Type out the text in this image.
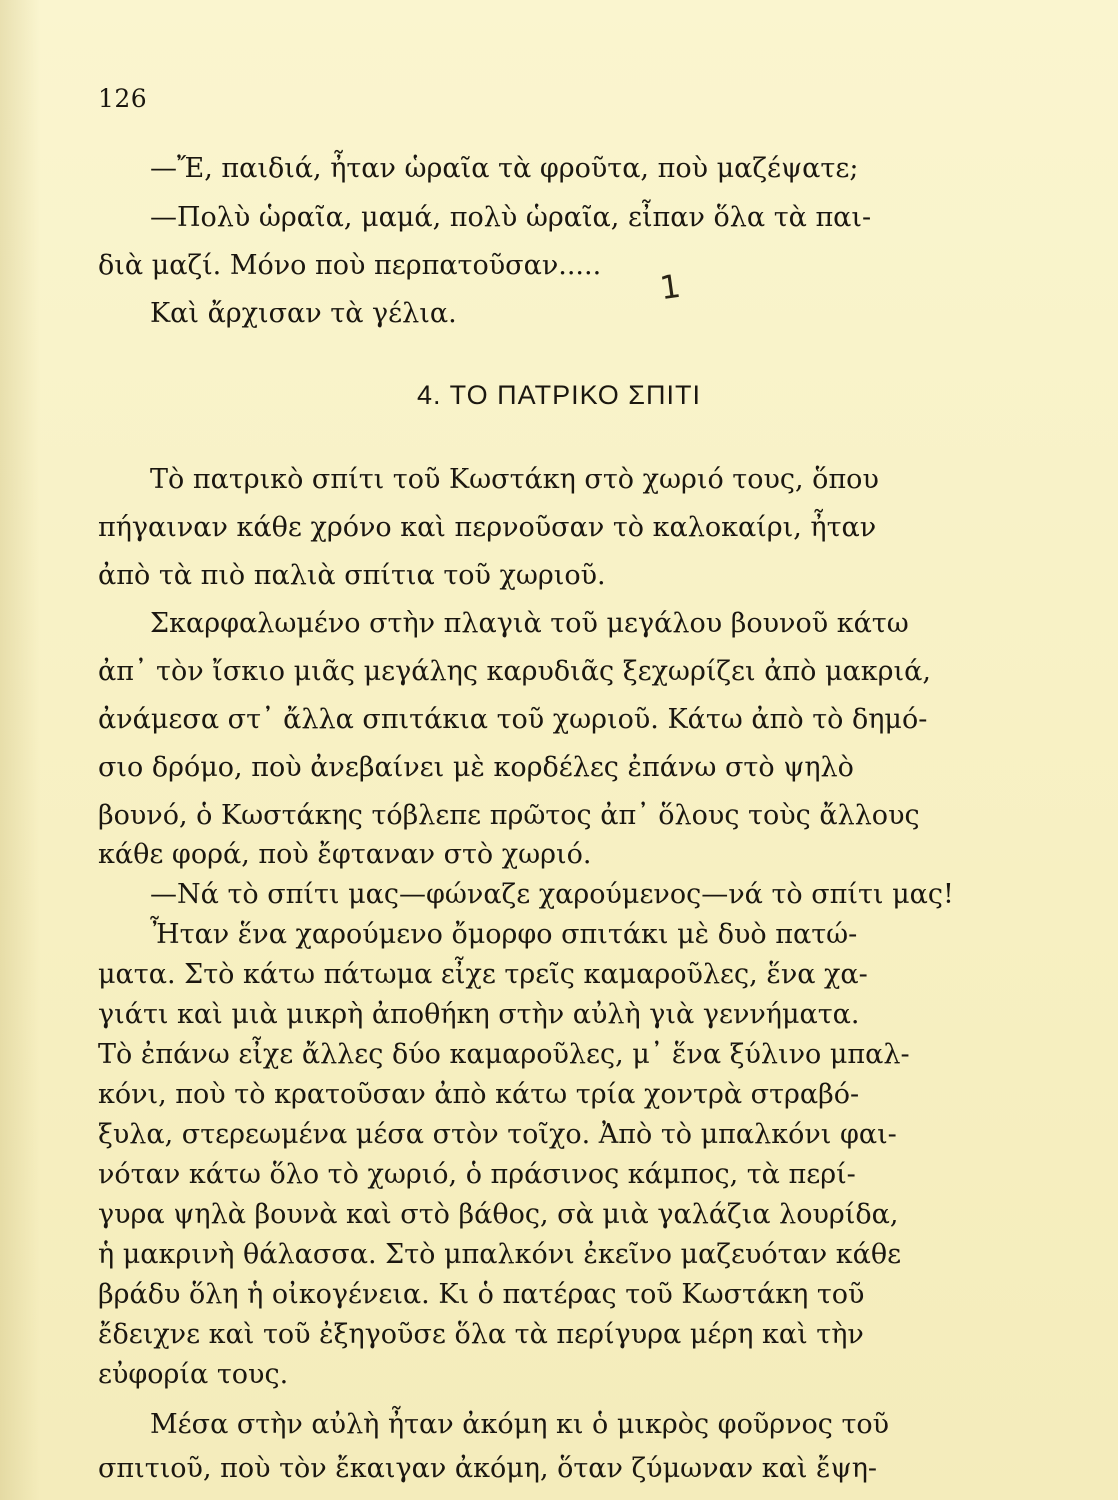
126
—Ἔ, παιδιά, ἦταν ὡραῖα τὰ φροῦτα, ποὺ μαζέψατε;
—Πολὺ ὡραῖα, μαμά, πολὺ ὡραῖα, εἶπαν ὅλα τὰ παι-
διὰ μαζί. Μόνο ποὺ περπατοῦσαν.....
Καὶ ἄρχισαν τὰ γέλια.
1
4. ΤΟ ΠΑΤΡΙΚΟ ΣΠΙΤΙ
Τὸ πατρικὸ σπίτι τοῦ Κωστάκη στὸ χωριό τους, ὅπου
πήγαιναν κάθε χρόνο καὶ περνοῦσαν τὸ καλοκαίρι, ἦταν
ἀπὸ τὰ πιὸ παλιὰ σπίτια τοῦ χωριοῦ.
Σκαρφαλωμένο στὴν πλαγιὰ τοῦ μεγάλου βουνοῦ κάτω
ἀπ᾽ τὸν ἴσκιο μιᾶς μεγάλης καρυδιᾶς ξεχωρίζει ἀπὸ μακριά,
ἀνάμεσα στ᾽ ἄλλα σπιτάκια τοῦ χωριοῦ. Κάτω ἀπὸ τὸ δημό-
σιο δρόμο, ποὺ ἀνεβαίνει μὲ κορδέλες ἐπάνω στὸ ψηλὸ
βουνό, ὁ Κωστάκης τόβλεπε πρῶτος ἀπ᾽ ὅλους τοὺς ἄλλους
κάθε φορά, ποὺ ἔφταναν στὸ χωριό.
—Νά τὸ σπίτι μας—φώναζε χαρούμενος—νά τὸ σπίτι μας!
Ἦταν ἕνα χαρούμενο ὄμορφο σπιτάκι μὲ δυὸ πατώ-
ματα. Στὸ κάτω πάτωμα εἶχε τρεῖς καμαροῦλες, ἕνα χα-
γιάτι καὶ μιὰ μικρὴ ἀποθήκη στὴν αὐλὴ γιὰ γεννήματα.
Τὸ ἐπάνω εἶχε ἄλλες δύο καμαροῦλες, μ᾽ ἕνα ξύλινο μπαλ-
κόνι, ποὺ τὸ κρατοῦσαν ἀπὸ κάτω τρία χοντρὰ στραβό-
ξυλα, στερεωμένα μέσα στὸν τοῖχο. Ἀπὸ τὸ μπαλκόνι φαι-
νόταν κάτω ὅλο τὸ χωριό, ὁ πράσινος κάμπος, τὰ περί-
γυρα ψηλὰ βουνὰ καὶ στὸ βάθος, σὰ μιὰ γαλάζια λουρίδα,
ἡ μακρινὴ θάλασσα. Στὸ μπαλκόνι ἐκεῖνο μαζευόταν κάθε
βράδυ ὅλη ἡ οἰκογένεια. Κι ὁ πατέρας τοῦ Κωστάκη τοῦ
ἔδειχνε καὶ τοῦ ἐξηγοῦσε ὅλα τὰ περίγυρα μέρη καὶ τὴν
εὐφορία τους.
Μέσα στὴν αὐλὴ ἦταν ἀκόμη κι ὁ μικρὸς φοῦρνος τοῦ
σπιτιοῦ, ποὺ τὸν ἔκαιγαν ἀκόμη, ὅταν ζύμωναν καὶ ἔψη-
